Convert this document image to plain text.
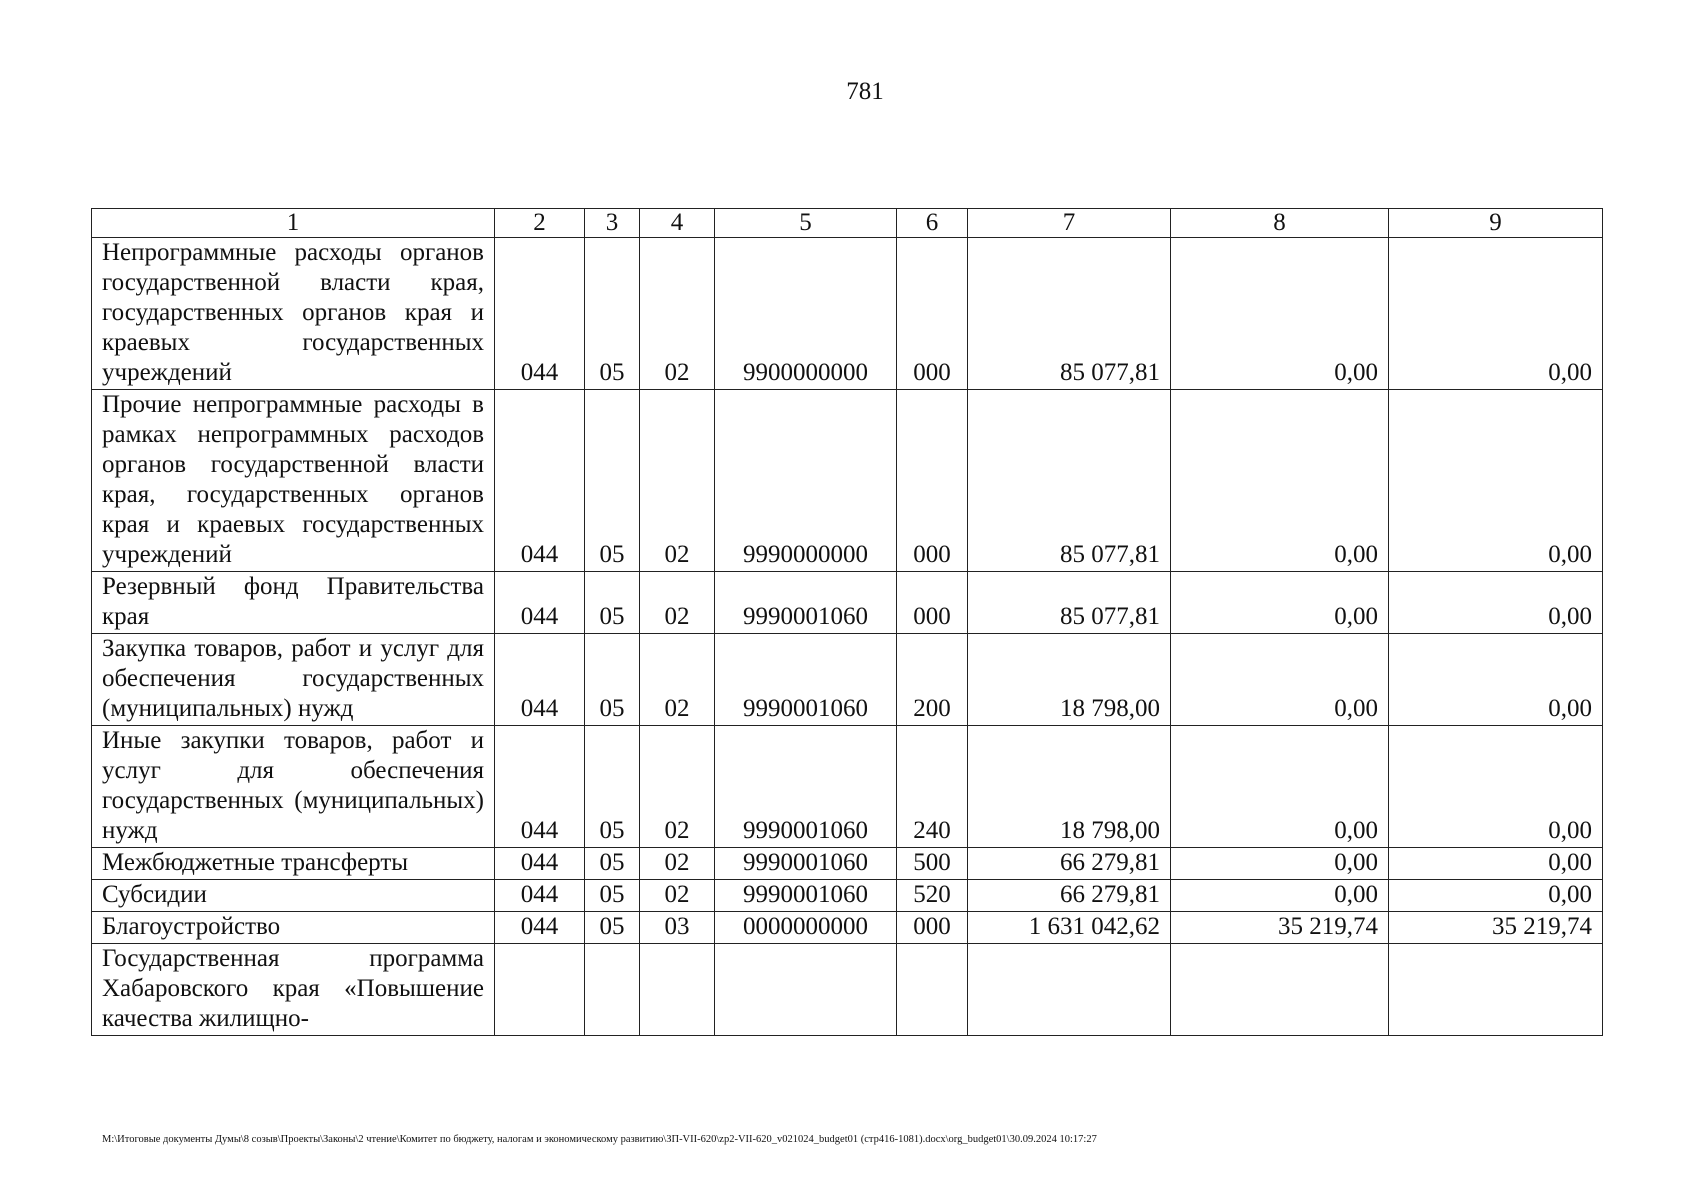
781
1	2	3	4	5	6	7	8	9
Непрограммные расходы органов государственной власти края, государственных органов края и краевых государственных учреждений	044	05	02	9900000000	000	85 077,81	0,00	0,00
Прочие непрограммные расходы в рамках непрограммных расходов органов государственной власти края, государственных органов края и краевых государственных учреждений	044	05	02	9990000000	000	85 077,81	0,00	0,00
Резервный фонд Правительства края	044	05	02	9990001060	000	85 077,81	0,00	0,00
Закупка товаров, работ и услуг для обеспечения государственных (муниципальных) нужд	044	05	02	9990001060	200	18 798,00	0,00	0,00
Иные закупки товаров, работ и услуг для обеспечения государственных (муниципальных) нужд	044	05	02	9990001060	240	18 798,00	0,00	0,00
Межбюджетные трансферты	044	05	02	9990001060	500	66 279,81	0,00	0,00
Субсидии	044	05	02	9990001060	520	66 279,81	0,00	0,00
Благоустройство	044	05	03	0000000000	000	1 631 042,62	35 219,74	35 219,74
Государственная программа Хабаровского края «Повышение качества жилищно-								
M:\Итоговые документы Думы\8 созыв\Проекты\Законы\2 чтение\Комитет по бюджету, налогам и экономическому развитию\ЗП-VII-620\zp2-VII-620_v021024_budget01 (стр416-1081).docx\org_budget01\30.09.2024 10:17:27
